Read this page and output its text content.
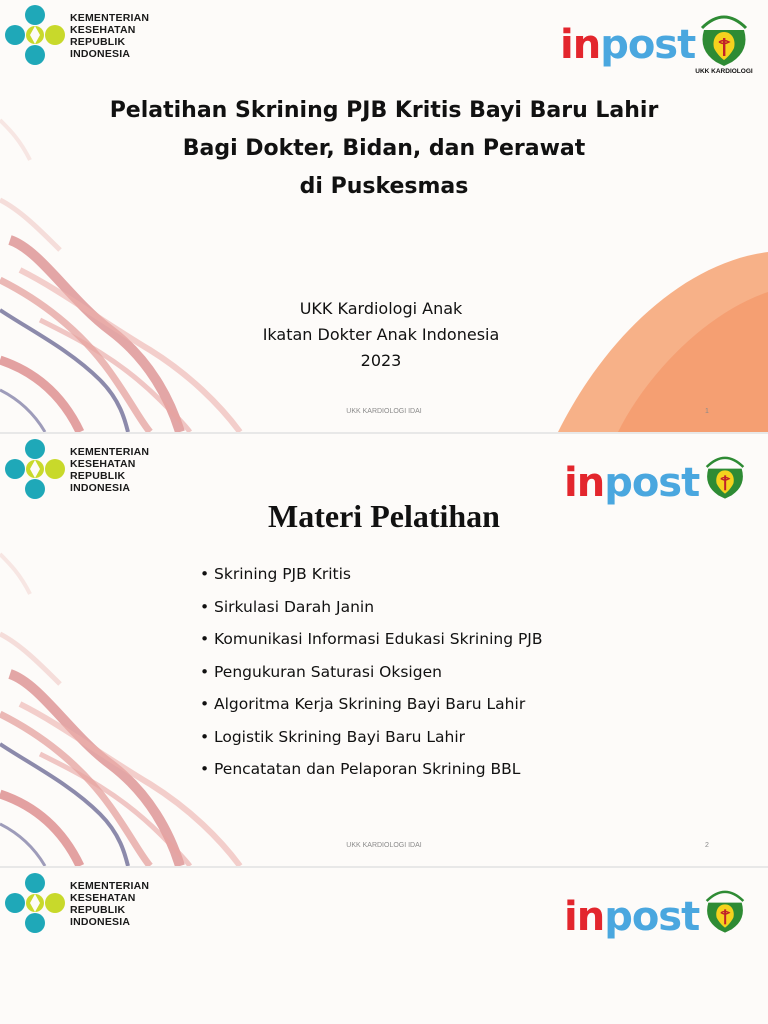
KEMENTERIAN
KESEHATAN
REPUBLIK
INDONESIA	inpost
UKK KARDIOLOGI
Pelatihan Skrining PJB Kritis Bayi Baru Lahir
Bagi Dokter, Bidan, dan Perawat
di Puskesmas
UKK Kardiologi Anak
Ikatan Dokter Anak Indonesia
2023
UKK KARDIOLOGI IDAI	1
KEMENTERIAN
KESEHATAN
REPUBLIK
INDONESIA	inpost
Materi Pelatihan
• Skrining PJB Kritis
• Sirkulasi Darah Janin
• Komunikasi Informasi Edukasi Skrining PJB
• Pengukuran Saturasi Oksigen
• Algoritma Kerja Skrining Bayi Baru Lahir
• Logistik Skrining Bayi Baru Lahir
• Pencatatan dan Pelaporan Skrining BBL
UKK KARDIOLOGI IDAI	2
KEMENTERIAN
KESEHATAN
REPUBLIK
INDONESIA	inpost
